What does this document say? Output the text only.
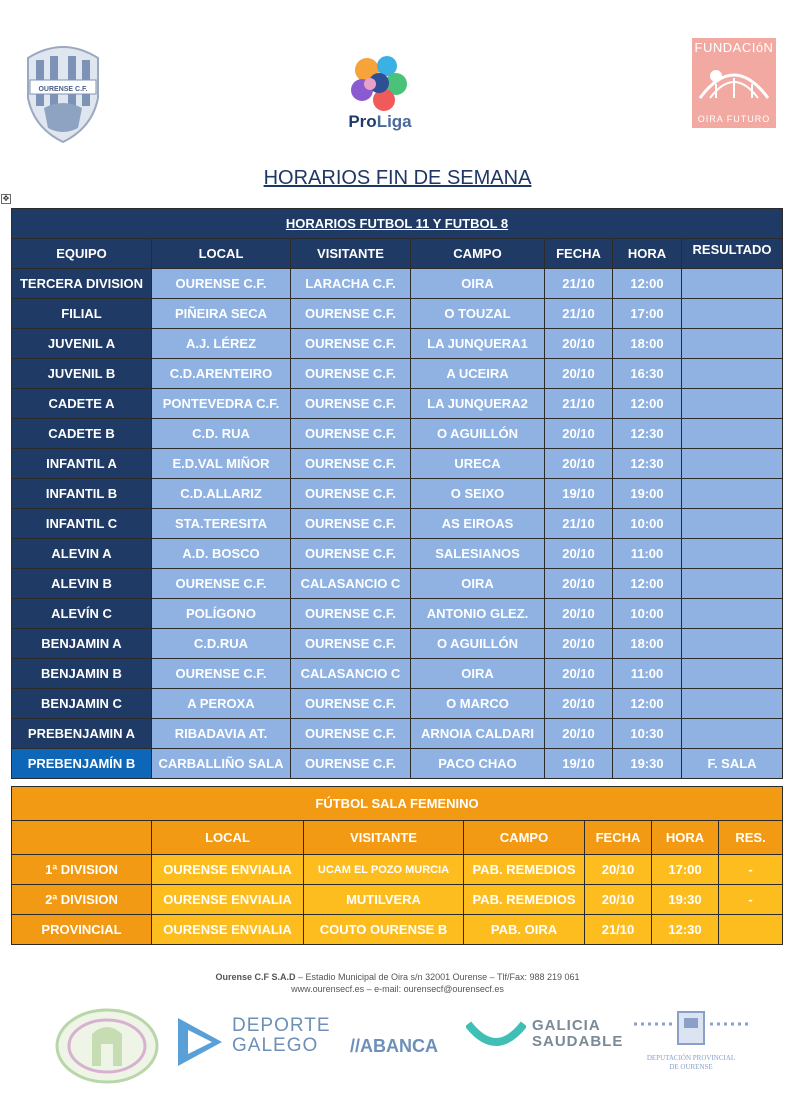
OURENSE C.F.
ProLiga
FUNDACIóN
OIRA FUTURO
HORARIOS FIN DE SEMANA
✥
HORARIOS FUTBOL 11 Y FUTBOL 8						
EQUIPO	LOCAL	VISITANTE	CAMPO	FECHA	HORA	RESULTADO
TERCERA DIVISION	OURENSE C.F.	LARACHA C.F.	OIRA	21/10	12:00	
FILIAL	PIÑEIRA SECA	OURENSE C.F.	O TOUZAL	21/10	17:00	
JUVENIL A	A.J. LÉREZ	OURENSE C.F.	LA JUNQUERA1	20/10	18:00	
JUVENIL B	C.D.ARENTEIRO	OURENSE C.F.	A UCEIRA	20/10	16:30	
CADETE A	PONTEVEDRA C.F.	OURENSE C.F.	LA JUNQUERA2	21/10	12:00	
CADETE B	C.D. RUA	OURENSE C.F.	O AGUILLÓN	20/10	12:30	
INFANTIL A	E.D.VAL MIÑOR	OURENSE C.F.	URECA	20/10	12:30	
INFANTIL B	C.D.ALLARIZ	OURENSE C.F.	O SEIXO	19/10	19:00	
INFANTIL C	STA.TERESITA	OURENSE C.F.	AS EIROAS	21/10	10:00	
ALEVIN A	A.D. BOSCO	OURENSE C.F.	SALESIANOS	20/10	11:00	
ALEVIN B	OURENSE C.F.	CALASANCIO C	OIRA	20/10	12:00	
ALEVÍN C	POLÍGONO	OURENSE C.F.	ANTONIO GLEZ.	20/10	10:00	
BENJAMIN A	C.D.RUA	OURENSE C.F.	O AGUILLÓN	20/10	18:00	
BENJAMIN B	OURENSE C.F.	CALASANCIO C	OIRA	20/10	11:00	
BENJAMIN C	A PEROXA	OURENSE C.F.	O MARCO	20/10	12:00	
PREBENJAMIN A	RIBADAVIA AT.	OURENSE C.F.	ARNOIA CALDARI	20/10	10:30	
PREBENJAMÍN B	CARBALLIÑO SALA	OURENSE C.F.	PACO CHAO	19/10	19:30	F. SALA
FÚTBOL SALA FEMENINO						
	LOCAL	VISITANTE	CAMPO	FECHA	HORA	RES.
1ª DIVISION	OURENSE ENVIALIA	UCAM EL POZO MURCIA	PAB. REMEDIOS	20/10	17:00	-
2ª DIVISION	OURENSE ENVIALIA	MUTILVERA	PAB. REMEDIOS	20/10	19:30	-
PROVINCIAL	OURENSE ENVIALIA	COUTO OURENSE B	PAB. OIRA	21/10	12:30	
Ourense C.F S.A.D – Estadio Municipal de Oira s/n 32001 Ourense – Tlf/Fax: 988 219 061
www.ourensecf.es – e-mail: ourensecf@ourensecf.es
DEPORTE
GALEGO	//ABANCA
GALICIA
SAUDABLE
DEPUTACIÓN PROVINCIAL
DE OURENSE
